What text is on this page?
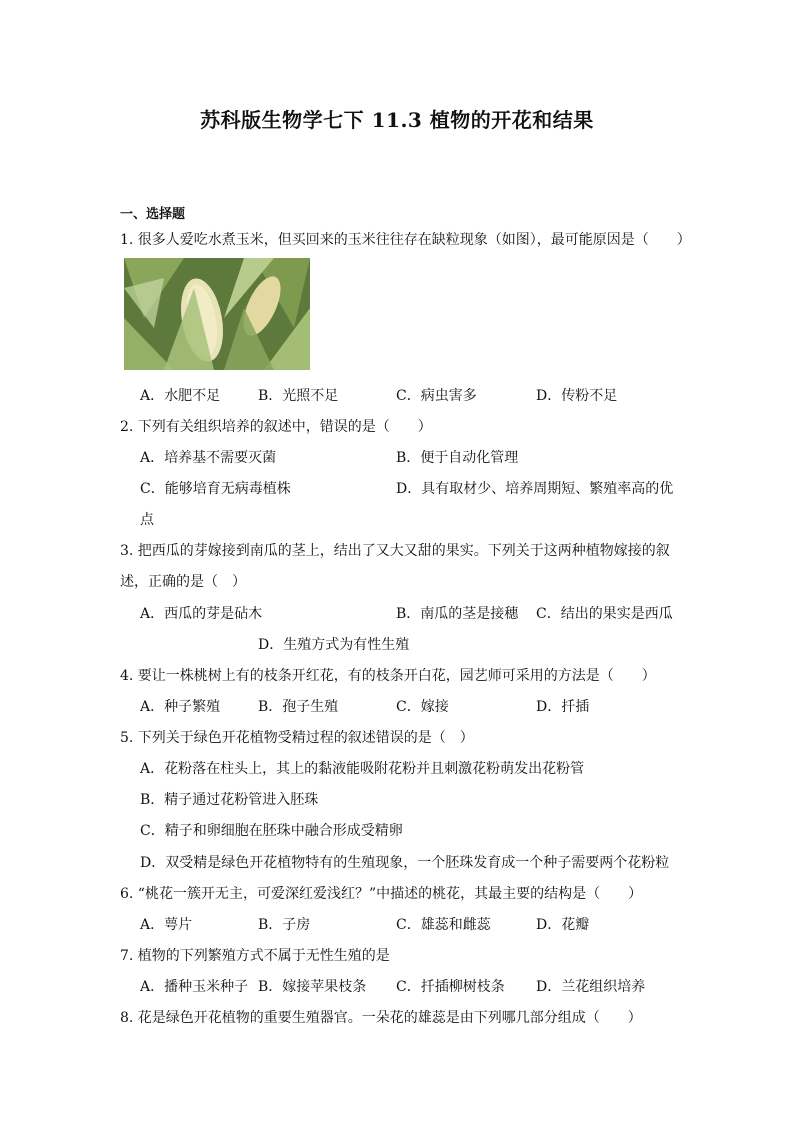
苏科版生物学七下 11.3 植物的开花和结果
一、选择题
1. 很多人爱吃水煮玉米，但买回来的玉米往往存在缺粒现象（如图），最可能原因是（　　）
A．水肥不足	B．光照不足	C．病虫害多	D．传粉不足
2. 下列有关组织培养的叙述中，错误的是（　　）
A．培养基不需要灭菌	B．便于自动化管理
C．能够培育无病毒植株	D．具有取材少、培养周期短、繁殖率高的优
点
3. 把西瓜的芽嫁接到南瓜的茎上，结出了又大又甜的果实。下列关于这两种植物嫁接的叙
述，正确的是（　）
A．西瓜的芽是砧木	B．南瓜的茎是接穗 C．结出的果实是西瓜
D．生殖方式为有性生殖
4. 要让一株桃树上有的枝条开红花，有的枝条开白花，园艺师可采用的方法是（　　）
A．种子繁殖	B．孢子生殖	C．嫁接	D．扦插
5. 下列关于绿色开花植物受精过程的叙述错误的是（　）
A．花粉落在柱头上，其上的黏液能吸附花粉并且刺激花粉萌发出花粉管
B．精子通过花粉管进入胚珠
C．精子和卵细胞在胚珠中融合形成受精卵
D．双受精是绿色开花植物特有的生殖现象，一个胚珠发育成一个种子需要两个花粉粒
6. “桃花一簇开无主，可爱深红爱浅红？”中描述的桃花，其最主要的结构是（　　）
A．萼片	B．子房	C．雄蕊和雌蕊	D．花瓣
7. 植物的下列繁殖方式不属于无性生殖的是
A．播种玉米种子 B．嫁接苹果枝条 C．扦插柳树枝条 D．兰花组织培养
8. 花是绿色开花植物的重要生殖器官。一朵花的雄蕊是由下列哪几部分组成（　　）
